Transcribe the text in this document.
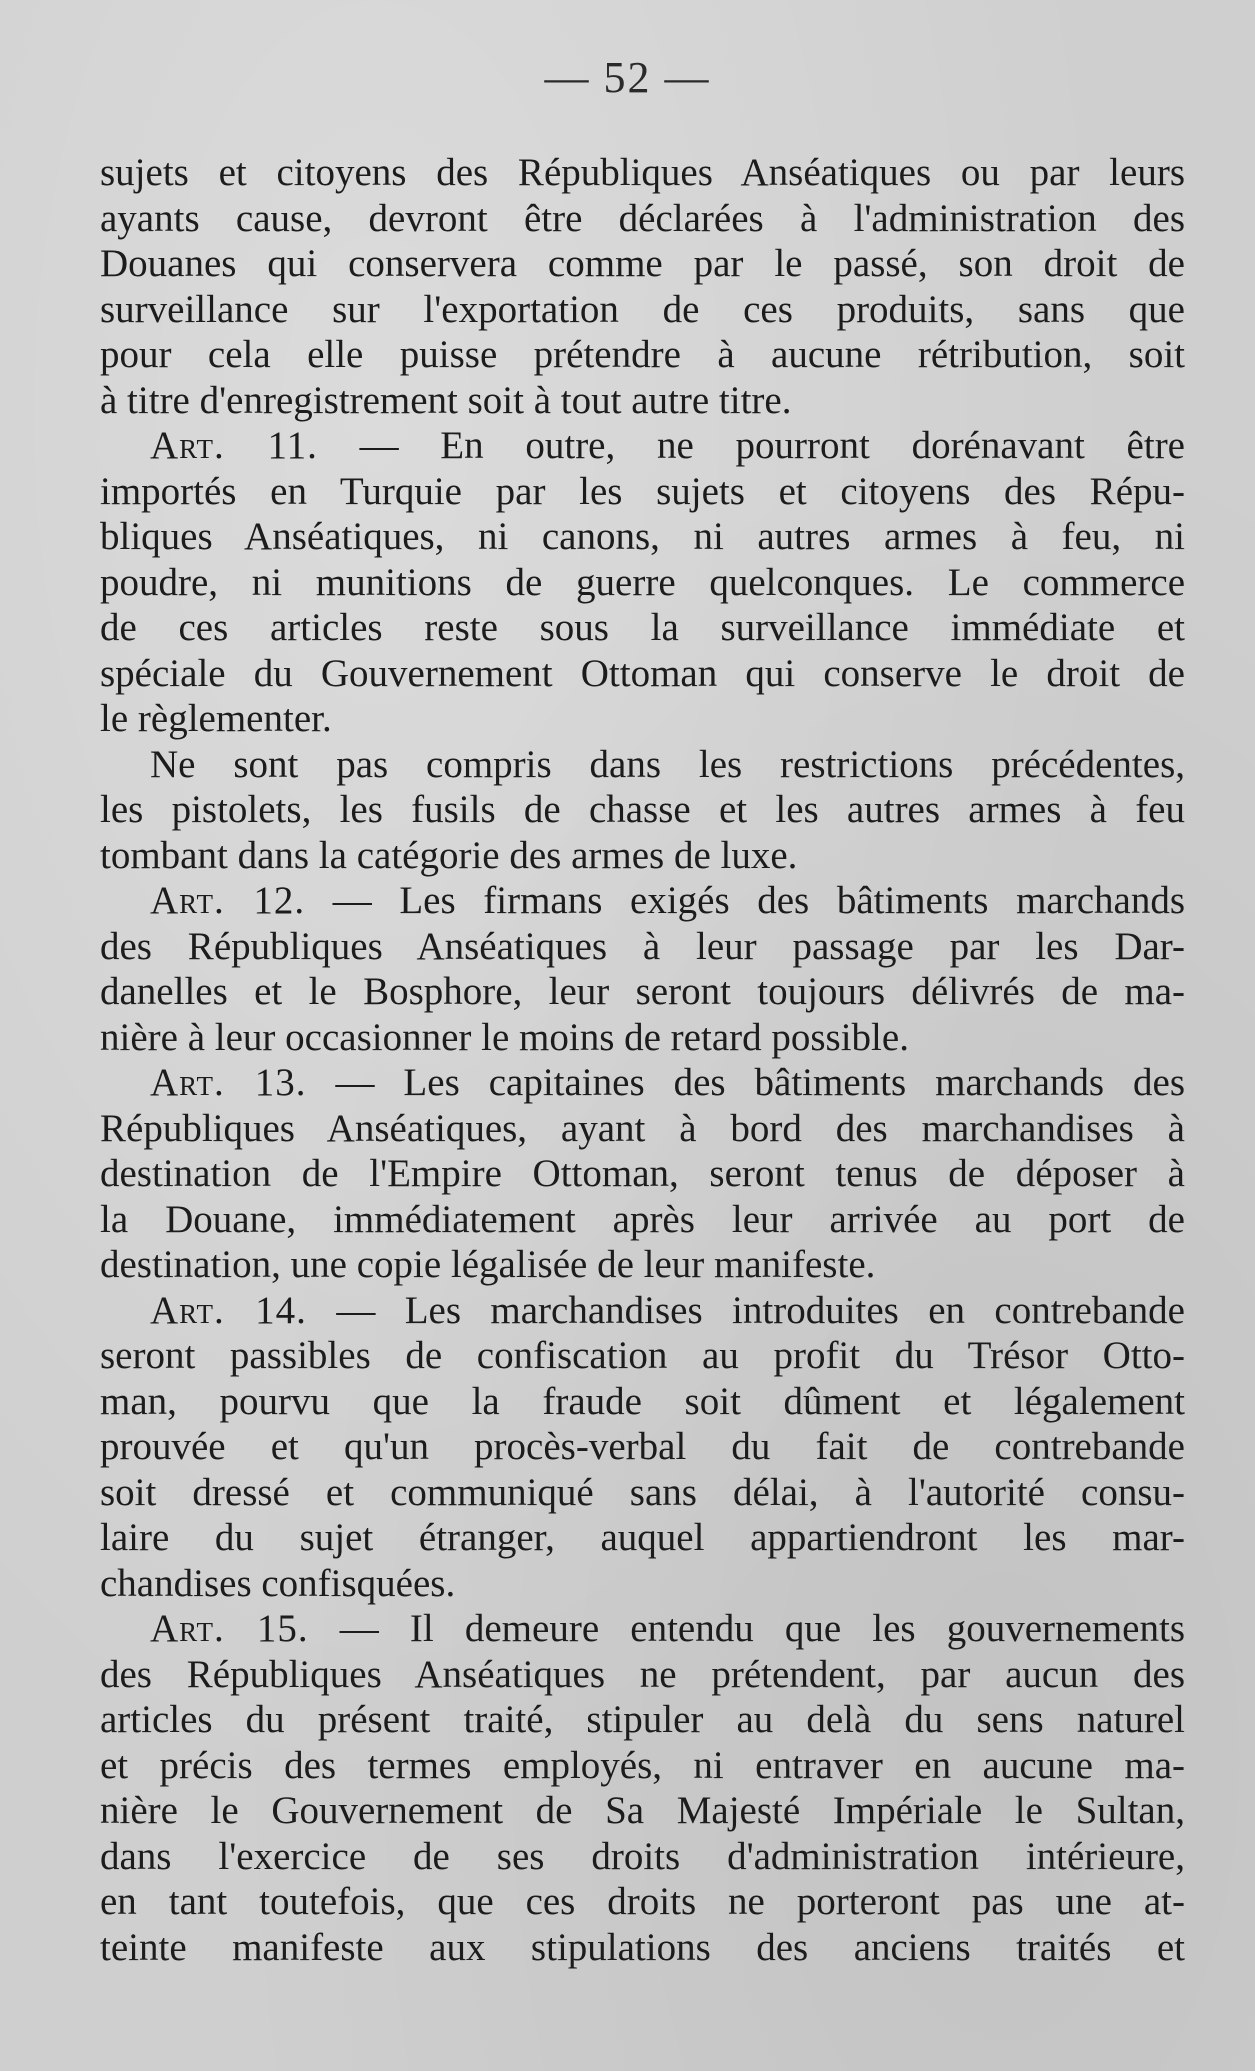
— 52 —

sujets et citoyens des Républiques Anséatiques ou par leurs
ayants cause, devront être déclarées à l'administration des
Douanes qui conservera comme par le passé, son droit de
surveillance sur l'exportation de ces produits, sans que
pour cela elle puisse prétendre à aucune rétribution, soit
à titre d'enregistrement soit à tout autre titre.

Art. 11. — En outre, ne pourront dorénavant être
importés en Turquie par les sujets et citoyens des Répu-
bliques Anséatiques, ni canons, ni autres armes à feu, ni
poudre, ni munitions de guerre quelconques. Le commerce
de ces articles reste sous la surveillance immédiate et
spéciale du Gouvernement Ottoman qui conserve le droit de
le règlementer.

Ne sont pas compris dans les restrictions précédentes,
les pistolets, les fusils de chasse et les autres armes à feu
tombant dans la catégorie des armes de luxe.

Art. 12. — Les firmans exigés des bâtiments marchands
des Républiques Anséatiques à leur passage par les Dar-
danelles et le Bosphore, leur seront toujours délivrés de ma-
nière à leur occasionner le moins de retard possible.

Art. 13. — Les capitaines des bâtiments marchands des
Républiques Anséatiques, ayant à bord des marchandises à
destination de l'Empire Ottoman, seront tenus de déposer à
la Douane, immédiatement après leur arrivée au port de
destination, une copie légalisée de leur manifeste.

Art. 14. — Les marchandises introduites en contrebande
seront passibles de confiscation au profit du Trésor Otto-
man, pourvu que la fraude soit dûment et légalement
prouvée et qu'un procès-verbal du fait de contrebande
soit dressé et communiqué sans délai, à l'autorité consu-
laire du sujet étranger, auquel appartiendront les mar-
chandises confisquées.

Art. 15. — Il demeure entendu que les gouvernements
des Républiques Anséatiques ne prétendent, par aucun des
articles du présent traité, stipuler au delà du sens naturel
et précis des termes employés, ni entraver en aucune ma-
nière le Gouvernement de Sa Majesté Impériale le Sultan,
dans l'exercice de ses droits d'administration intérieure,
en tant toutefois, que ces droits ne porteront pas une at-
teinte manifeste aux stipulations des anciens traités et
